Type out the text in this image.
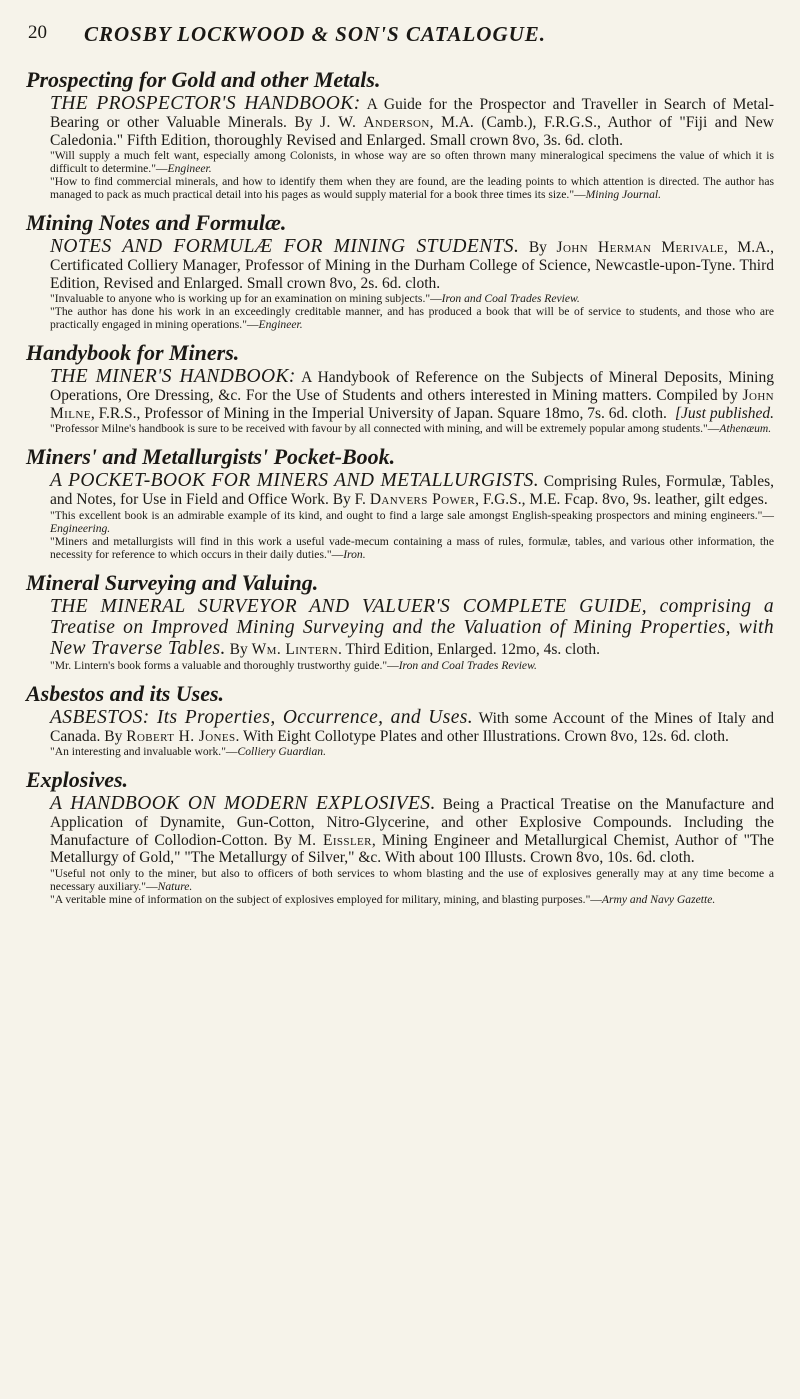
20 CROSBY LOCKWOOD & SON'S CATALOGUE.
Prospecting for Gold and other Metals.

THE PROSPECTOR'S HANDBOOK: A Guide for the Prospector and Traveller in Search of Metal-Bearing or other Valuable Minerals. By J. W. Anderson, M.A. (Camb.), F.R.G.S., Author of "Fiji and New Caledonia." Fifth Edition, thoroughly Revised and Enlarged. Small crown 8vo, 3s. 6d. cloth.

"Will supply a much felt want, especially among Colonists, in whose way are so often thrown many mineralogical specimens the value of which it is difficult to determine."—Engineer.

"How to find commercial minerals, and how to identify them when they are found, are the leading points to which attention is directed. The author has managed to pack as much practical detail into his pages as would supply material for a book three times its size."—Mining Journal.

Mining Notes and Formulæ.

NOTES AND FORMULÆ FOR MINING STUDENTS. By John Herman Merivale, M.A., Certificated Colliery Manager, Professor of Mining in the Durham College of Science, Newcastle-upon-Tyne. Third Edition, Revised and Enlarged. Small crown 8vo, 2s. 6d. cloth.

"Invaluable to anyone who is working up for an examination on mining subjects."—Iron and Coal Trades Review.

"The author has done his work in an exceedingly creditable manner, and has produced a book that will be of service to students, and those who are practically engaged in mining operations."—Engineer.

Handybook for Miners.

THE MINER'S HANDBOOK: A Handybook of Reference on the Subjects of Mineral Deposits, Mining Operations, Ore Dressing, &c. For the Use of Students and others interested in Mining matters. Compiled by John Milne, F.R.S., Professor of Mining in the Imperial University of Japan. Square 18mo, 7s. 6d. cloth. [Just published.

"Professor Milne's handbook is sure to be received with favour by all connected with mining, and will be extremely popular among students."—Athenæum.

Miners' and Metallurgists' Pocket-Book.

A POCKET-BOOK FOR MINERS AND METALLURGISTS. Comprising Rules, Formulæ, Tables, and Notes, for Use in Field and Office Work. By F. Danvers Power, F.G.S., M.E. Fcap. 8vo, 9s. leather, gilt edges.

"This excellent book is an admirable example of its kind, and ought to find a large sale amongst English-speaking prospectors and mining engineers."—Engineering.

"Miners and metallurgists will find in this work a useful vade-mecum containing a mass of rules, formulæ, tables, and various other information, the necessity for reference to which occurs in their daily duties."—Iron.

Mineral Surveying and Valuing.

THE MINERAL SURVEYOR AND VALUER'S COMPLETE GUIDE, comprising a Treatise on Improved Mining Surveying and the Valuation of Mining Properties, with New Traverse Tables. By Wm. Lintern. Third Edition, Enlarged. 12mo, 4s. cloth.

"Mr. Lintern's book forms a valuable and thoroughly trustworthy guide."—Iron and Coal Trades Review.

Asbestos and its Uses.

ASBESTOS: Its Properties, Occurrence, and Uses. With some Account of the Mines of Italy and Canada. By Robert H. Jones. With Eight Collotype Plates and other Illustrations. Crown 8vo, 12s. 6d. cloth.

"An interesting and invaluable work."—Colliery Guardian.

Explosives.

A HANDBOOK ON MODERN EXPLOSIVES. Being a Practical Treatise on the Manufacture and Application of Dynamite, Gun-Cotton, Nitro-Glycerine, and other Explosive Compounds. Including the Manufacture of Collodion-Cotton. By M. Eissler, Mining Engineer and Metallurgical Chemist, Author of "The Metallurgy of Gold," "The Metallurgy of Silver," &c. With about 100 Illusts. Crown 8vo, 10s. 6d. cloth.

"Useful not only to the miner, but also to officers of both services to whom blasting and the use of explosives generally may at any time become a necessary auxiliary."—Nature.

"A veritable mine of information on the subject of explosives employed for military, mining, and blasting purposes."—Army and Navy Gazette.
